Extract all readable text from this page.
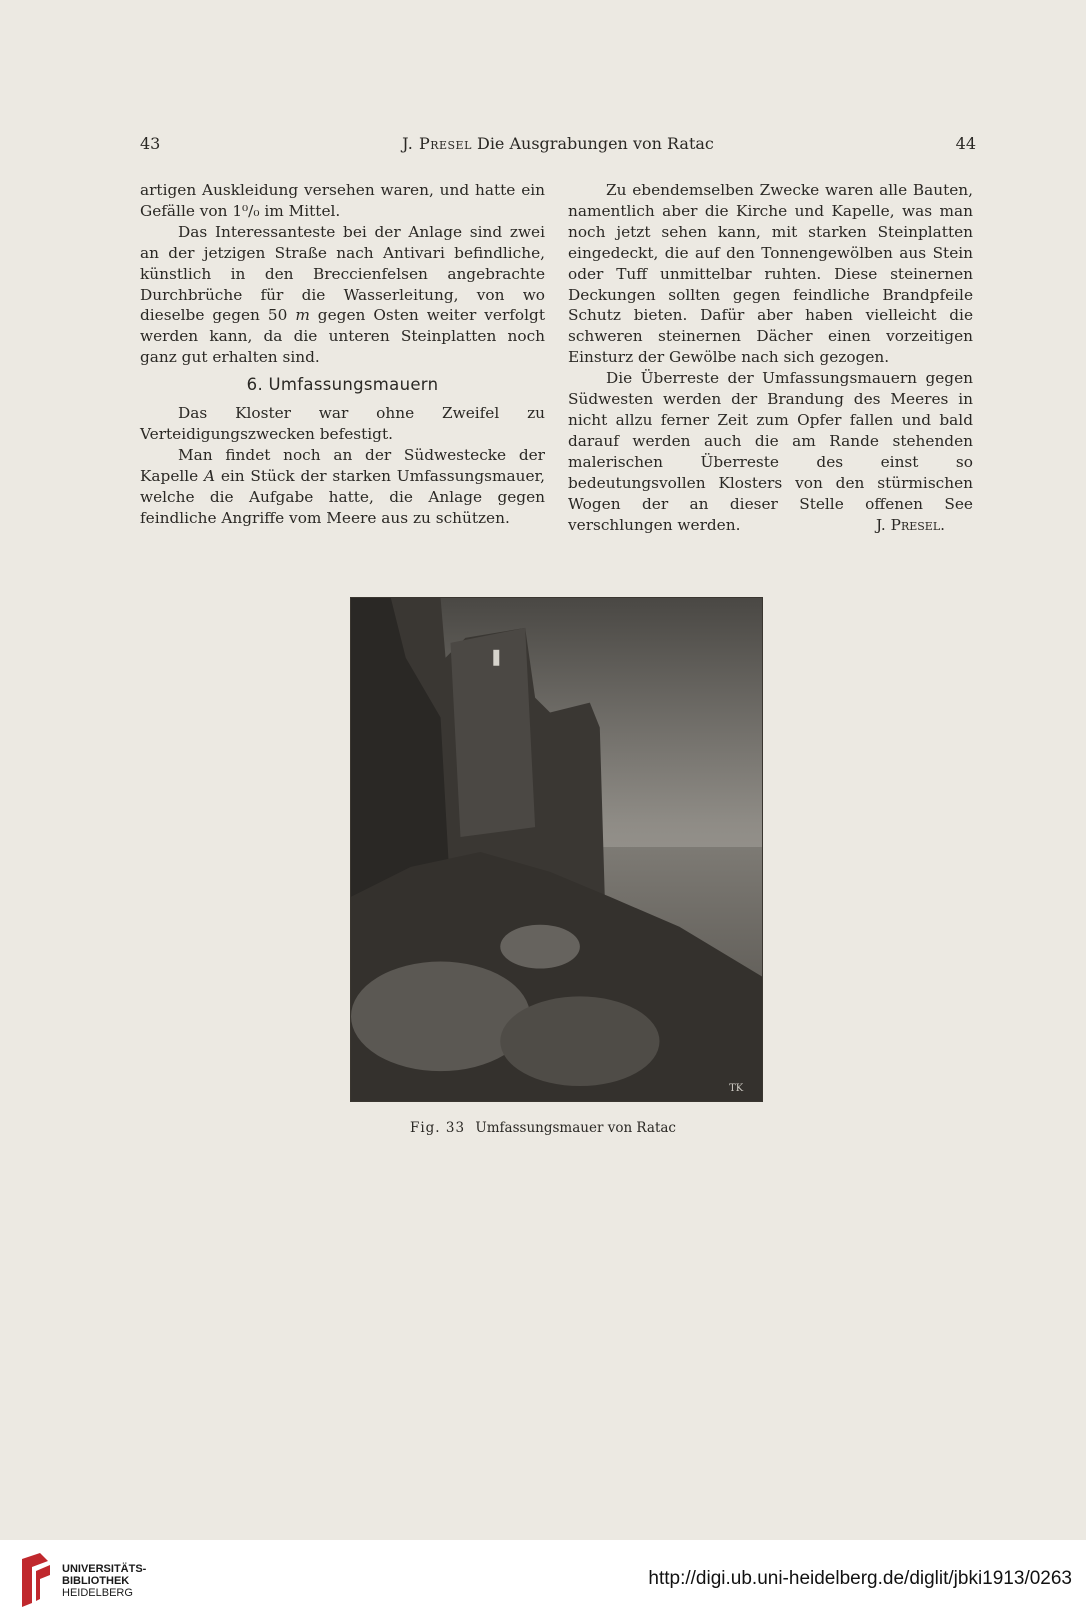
43	J. Presel Die Ausgrabungen von Ratac	44

artigen Auskleidung versehen waren, und hatte ein Gefälle von 1⁰/₀ im Mittel.

Das Interessanteste bei der Anlage sind zwei an der jetzigen Straße nach Antivari befindliche, künstlich in den Breccienfelsen angebrachte Durchbrüche für die Wasserleitung, von wo dieselbe gegen 50 m gegen Osten weiter verfolgt werden kann, da die unteren Steinplatten noch ganz gut erhalten sind.

6. Umfassungsmauern

Das Kloster war ohne Zweifel zu Verteidigungszwecken befestigt.

Man findet noch an der Südwestecke der Kapelle A ein Stück der starken Umfassungsmauer, welche die Aufgabe hatte, die Anlage gegen feindliche Angriffe vom Meere aus zu schützen.

Zu ebendemselben Zwecke waren alle Bauten, namentlich aber die Kirche und Kapelle, was man noch jetzt sehen kann, mit starken Steinplatten eingedeckt, die auf den Tonnengewölben aus Stein oder Tuff unmittelbar ruhten. Diese steinernen Deckungen sollten gegen feindliche Brandpfeile Schutz bieten. Dafür aber haben vielleicht die schweren steinernen Dächer einen vorzeitigen Einsturz der Gewölbe nach sich gezogen.

Die Überreste der Umfassungsmauern gegen Südwesten werden der Brandung des Meeres in nicht allzu ferner Zeit zum Opfer fallen und bald darauf werden auch die am Rande stehenden malerischen Überreste des einst so bedeutungsvollen Klosters von den stürmischen Wogen der an dieser Stelle offenen See verschlungen werden.	J. Presel.

TK
Fig. 33 Umfassungsmauer von Ratac
UNIVERSITÄTS-
BIBLIOTHEK
HEIDELBERG
http://digi.ub.uni-heidelberg.de/diglit/jbki1913/0263
